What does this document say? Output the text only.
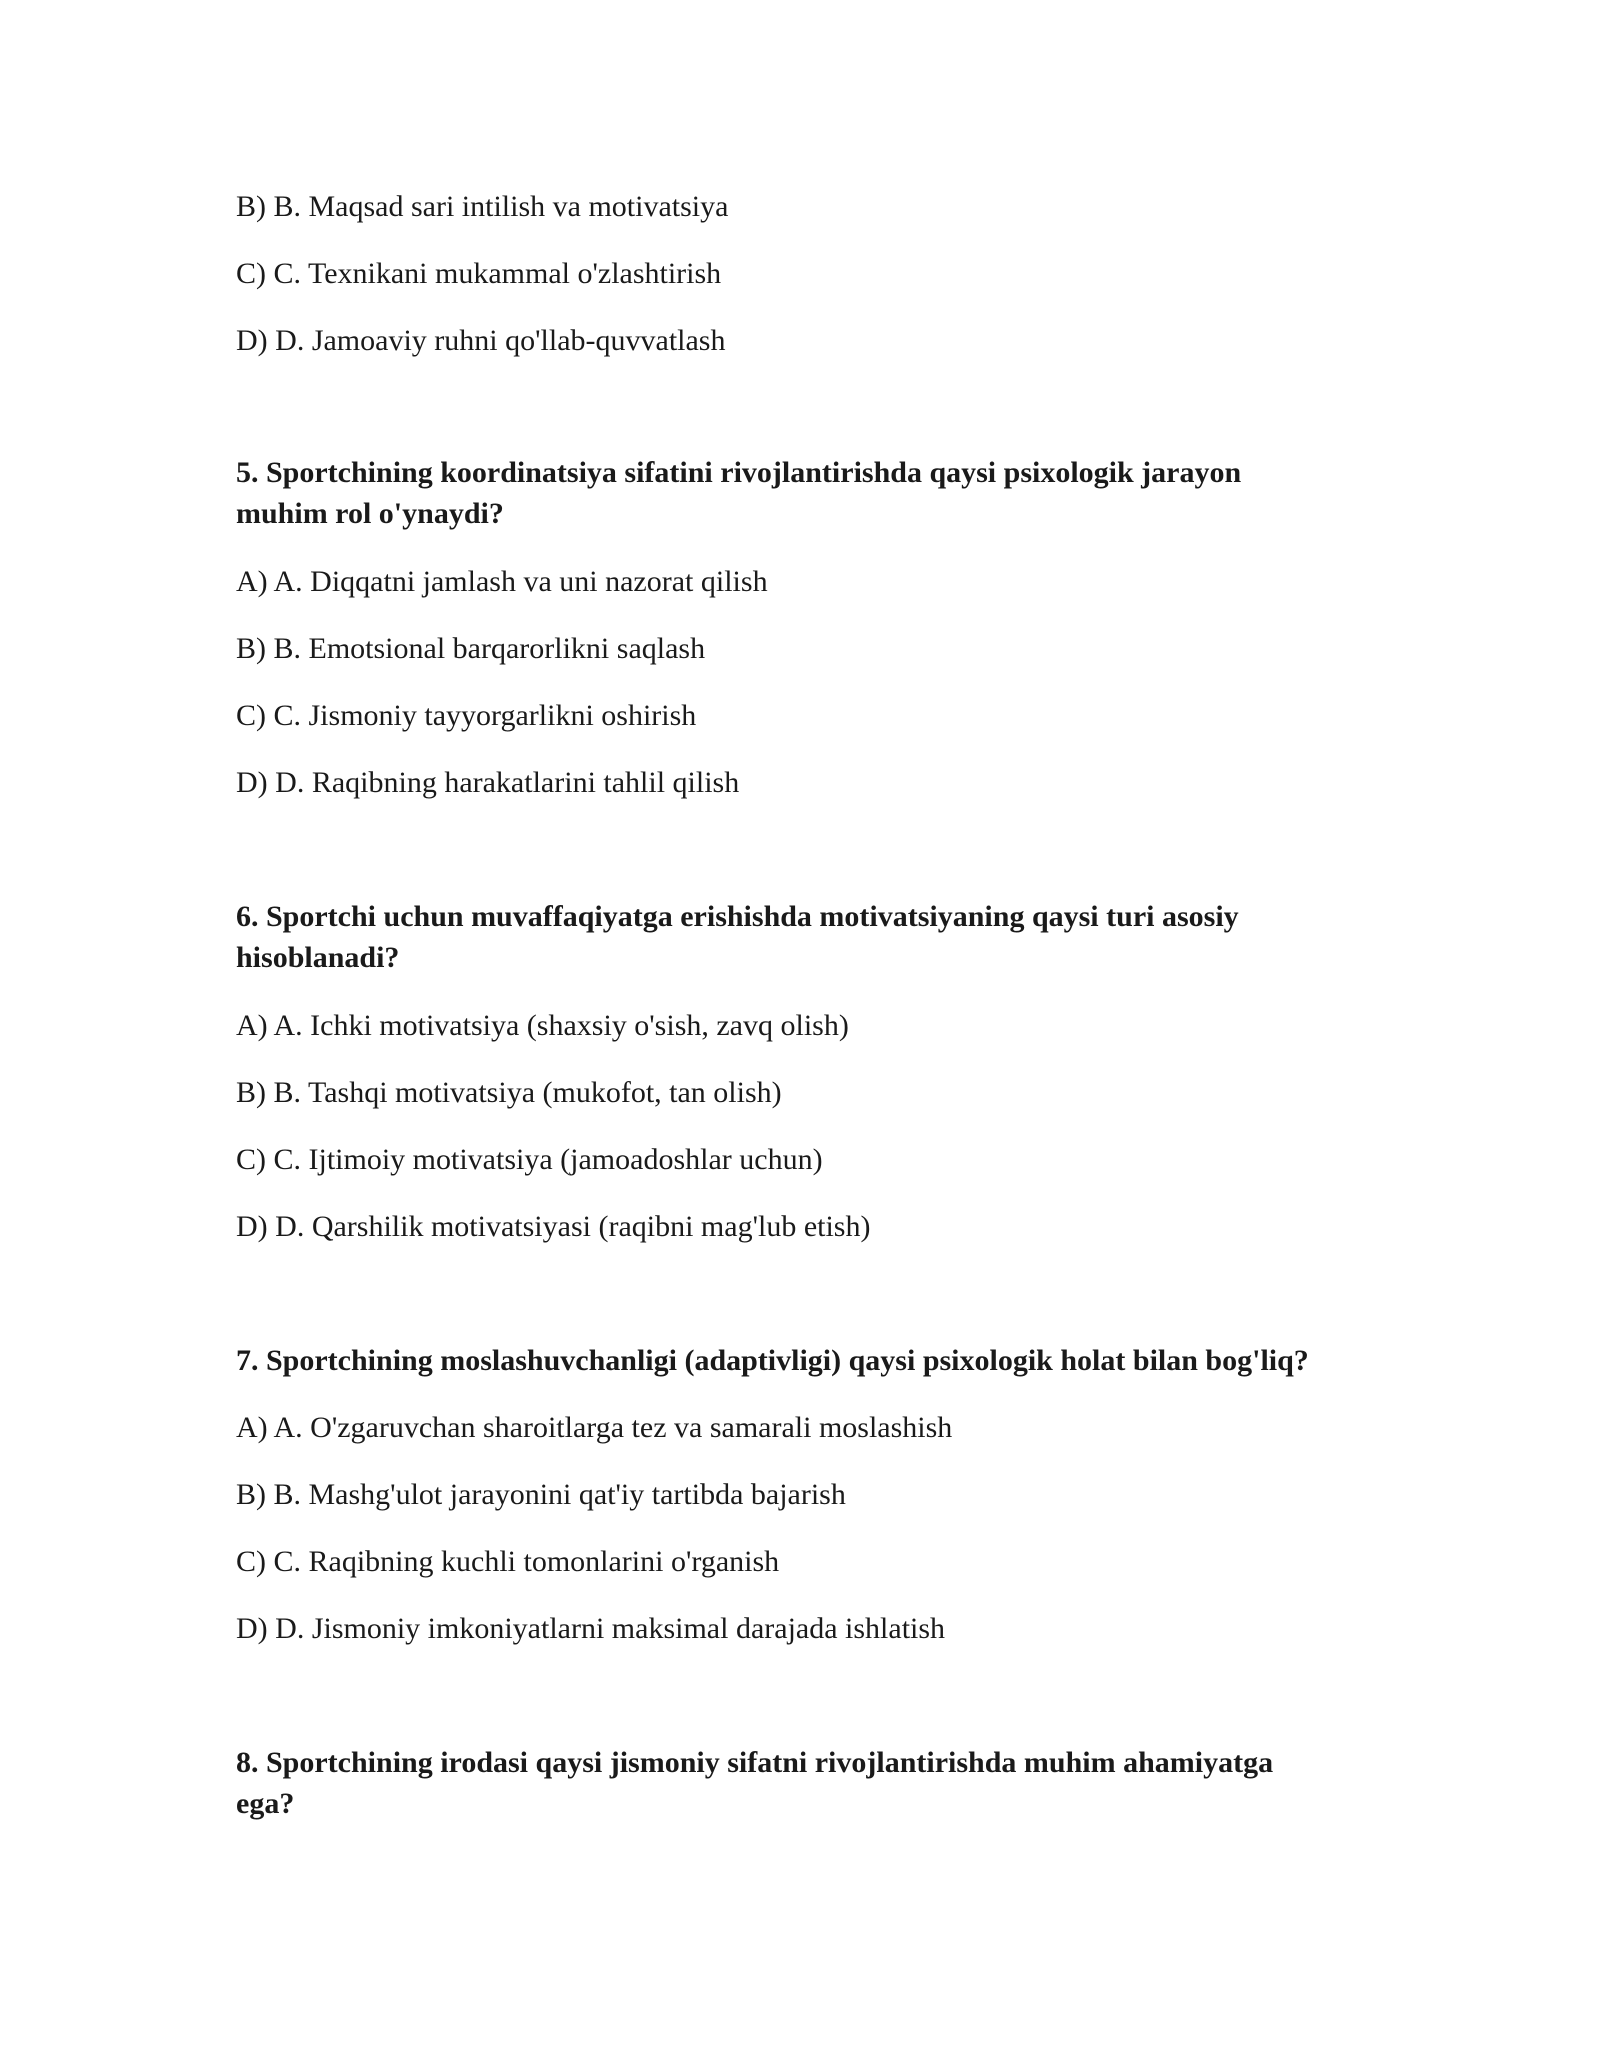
B) B. Maqsad sari intilish va motivatsiya
C) C. Texnikani mukammal o'zlashtirish
D) D. Jamoaviy ruhni qo'llab-quvvatlash
5. Sportchining koordinatsiya sifatini rivojlantirishda qaysi psixologik jarayon
muhim rol o'ynaydi?
A) A. Diqqatni jamlash va uni nazorat qilish
B) B. Emotsional barqarorlikni saqlash
C) C. Jismoniy tayyorgarlikni oshirish
D) D. Raqibning harakatlarini tahlil qilish
6. Sportchi uchun muvaffaqiyatga erishishda motivatsiyaning qaysi turi asosiy
hisoblanadi?
A) A. Ichki motivatsiya (shaxsiy o'sish, zavq olish)
B) B. Tashqi motivatsiya (mukofot, tan olish)
C) C. Ijtimoiy motivatsiya (jamoadoshlar uchun)
D) D. Qarshilik motivatsiyasi (raqibni mag'lub etish)
7. Sportchining moslashuvchanligi (adaptivligi) qaysi psixologik holat bilan bog'liq?
A) A. O'zgaruvchan sharoitlarga tez va samarali moslashish
B) B. Mashg'ulot jarayonini qat'iy tartibda bajarish
C) C. Raqibning kuchli tomonlarini o'rganish
D) D. Jismoniy imkoniyatlarni maksimal darajada ishlatish
8. Sportchining irodasi qaysi jismoniy sifatni rivojlantirishda muhim ahamiyatga
ega?
